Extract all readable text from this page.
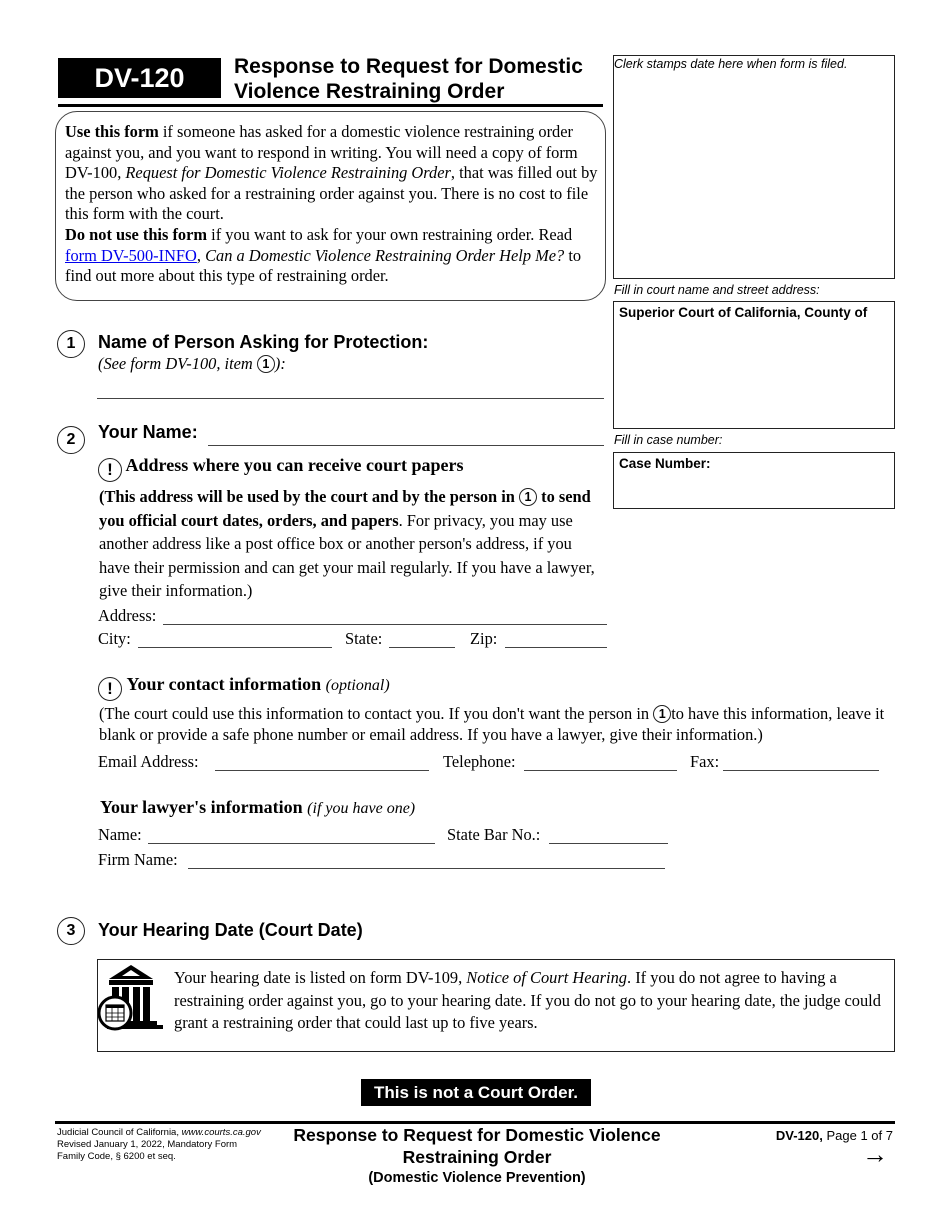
DV-120	Response to Request for Domestic
Violence Restraining Order
Use this form if someone has asked for a domestic violence restraining order against you, and you want to respond in writing. You will need a copy of form DV-100, Request for Domestic Violence Restraining Order, that was filled out by the person who asked for a restraining order against you. There is no cost to file this form with the court.
Do not use this form if you want to ask for your own restraining order. Read form DV-500-INFO, Can a Domestic Violence Restraining Order Help Me? to find out more about this type of restraining order.
Clerk stamps date here when form is filed.
Fill in court name and street address:
Superior Court of California, County of
Fill in case number:
Case Number:
1	Name of Person Asking for Protection:
(See form DV-100, item 1 ):
2	Your Name:
! Address where you can receive court papers
(This address will be used by the court and by the person in 1 to send you official court dates, orders, and papers. For privacy, you may use another address like a post office box or another person's address, if you have their permission and can get your mail regularly. If you have a lawyer, give their information.)
Address:
City:	State:	Zip:
! Your contact information (optional)
(The court could use this information to contact you. If you don't want the person in 1 to have this information, leave it blank or provide a safe phone number or email address. If you have a lawyer, give their information.)
Email Address:	Telephone:	Fax:
Your lawyer's information (if you have one)
Name:	State Bar No.:
Firm Name:
3	Your Hearing Date (Court Date)
Your hearing date is listed on form DV-109, Notice of Court Hearing. If you do not agree to having a restraining order against you, go to your hearing date. If you do not go to your hearing date, the judge could grant a restraining order that could last up to five years.
This is not a Court Order.
Judicial Council of California, www.courts.ca.gov
Revised January 1, 2022, Mandatory Form
Family Code, § 6200 et seq.
Response to Request for Domestic Violence
Restraining Order
(Domestic Violence Prevention)
DV-120, Page 1 of 7
→
